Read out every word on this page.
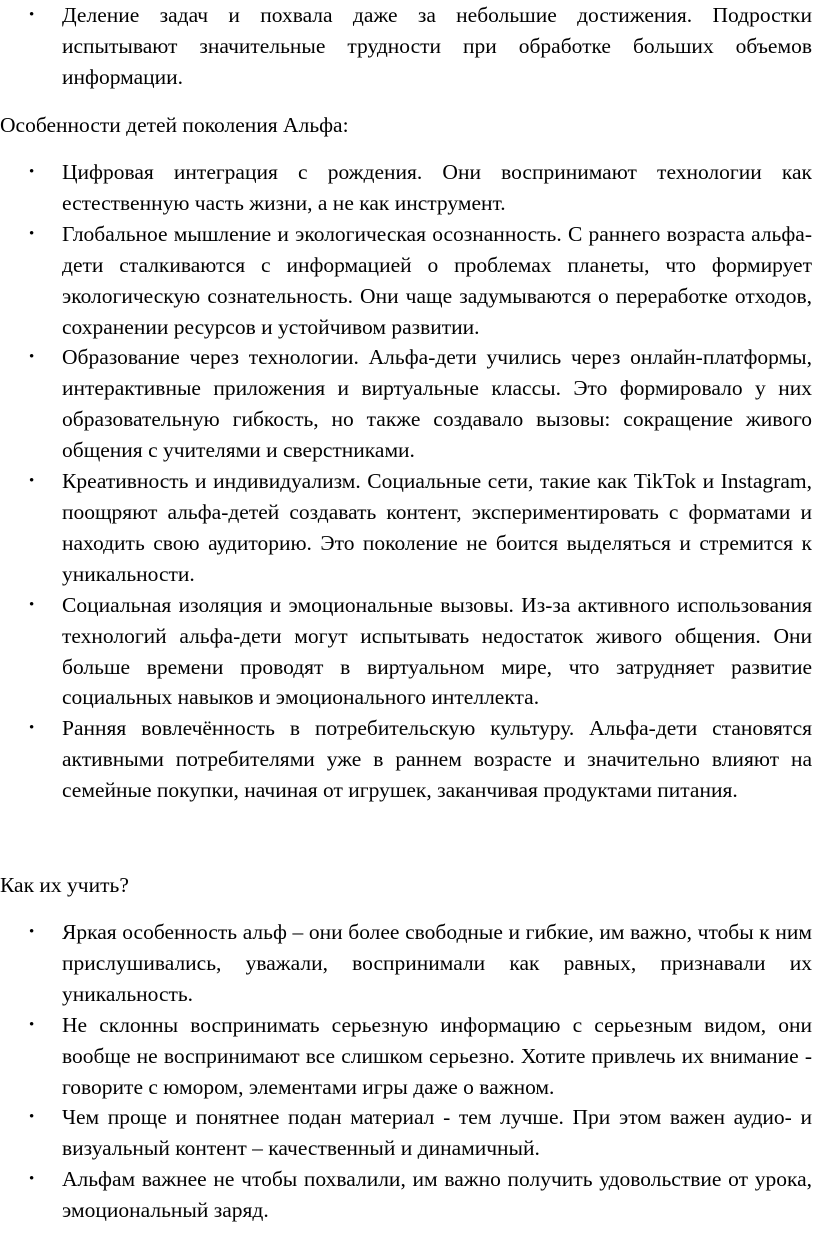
•	Деление задач и похвала даже за небольшие достижения. Подростки испытывают значительные трудности при обработке больших объемов информации.

Особенности детей поколения Альфа:

•	Цифровая интеграция с рождения. Они воспринимают технологии как естественную часть жизни, а не как инструмент.
•	Глобальное мышление и экологическая осознанность. С раннего возраста альфа-дети сталкиваются с информацией о проблемах планеты, что формирует экологическую сознательность. Они чаще задумываются о переработке отходов, сохранении ресурсов и устойчивом развитии.
•	Образование через технологии. Альфа-дети учились через онлайн-платформы, интерактивные приложения и виртуальные классы. Это формировало у них образовательную гибкость, но также создавало вызовы: сокращение живого общения с учителями и сверстниками.
•	Креативность и индивидуализм. Социальные сети, такие как TikTok и Instagram, поощряют альфа-детей создавать контент, экспериментировать с форматами и находить свою аудиторию. Это поколение не боится выделяться и стремится к уникальности.
•	Социальная изоляция и эмоциональные вызовы. Из-за активного использования технологий альфа-дети могут испытывать недостаток живого общения. Они больше времени проводят в виртуальном мире, что затрудняет развитие социальных навыков и эмоционального интеллекта.
•	Ранняя вовлечённость в потребительскую культуру. Альфа-дети становятся активными потребителями уже в раннем возрасте и значительно влияют на семейные покупки, начиная от игрушек, заканчивая продуктами питания.

Как их учить?

•	Яркая особенность альф – они более свободные и гибкие, им важно, чтобы к ним прислушивались, уважали, воспринимали как равных, признавали их уникальность.
•	Не склонны воспринимать серьезную информацию с серьезным видом, они вообще не воспринимают все слишком серьезно. Хотите привлечь их внимание - говорите с юмором, элементами игры даже о важном.
•	Чем проще и понятнее подан материал - тем лучше. При этом важен аудио- и визуальный контент – качественный и динамичный.
•	Альфам важнее не чтобы похвалили, им важно получить удовольствие от урока, эмоциональный заряд.
